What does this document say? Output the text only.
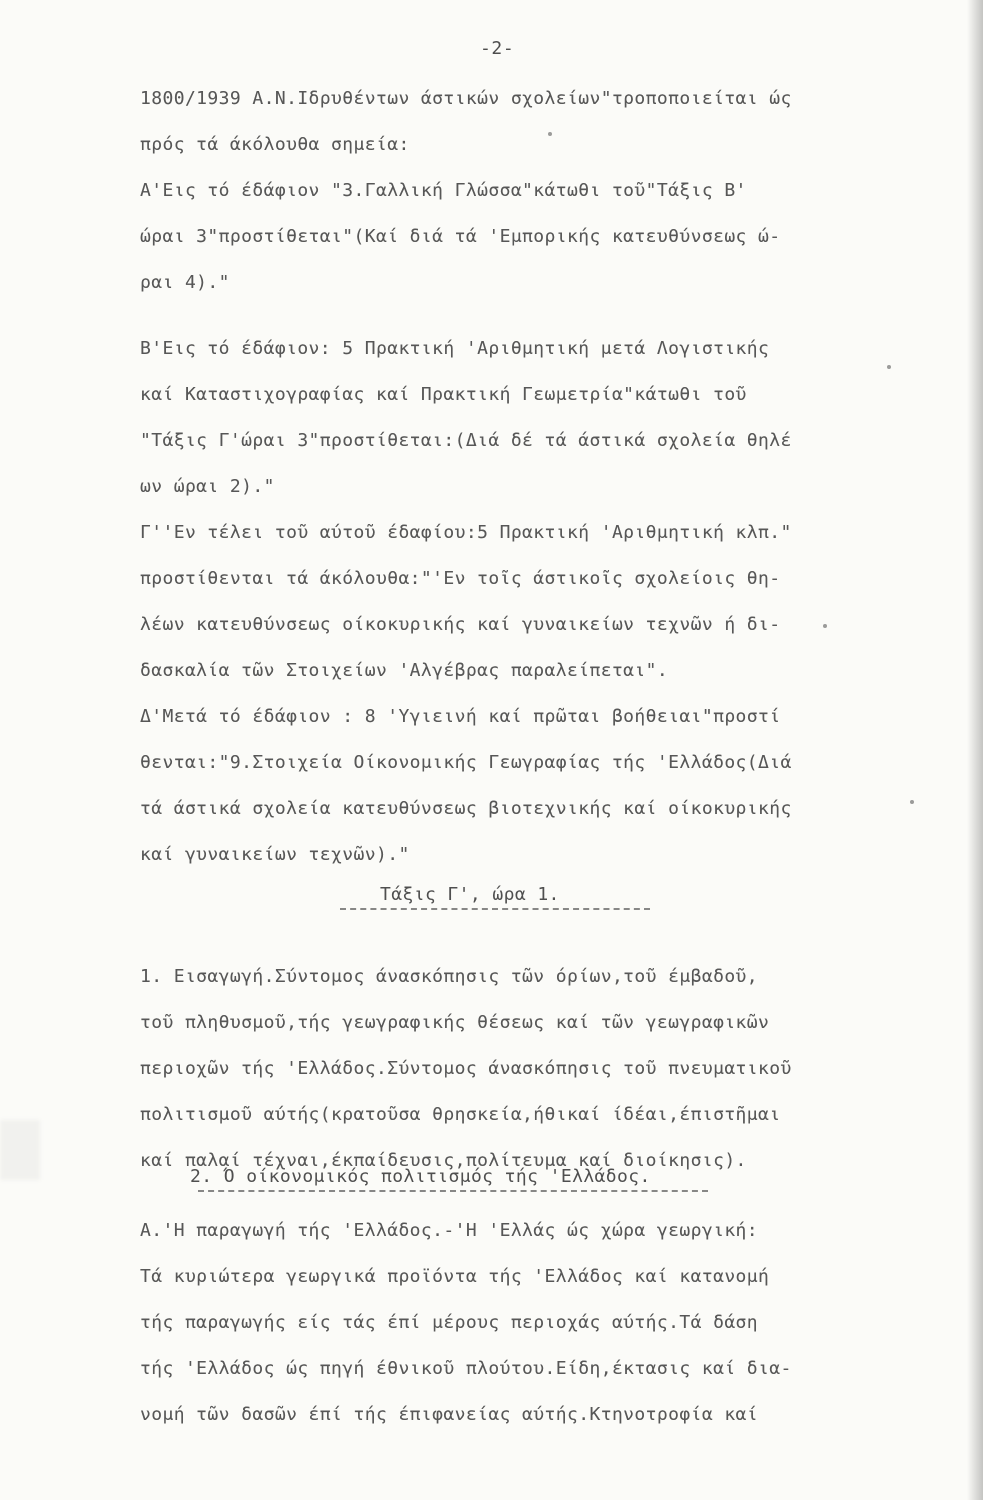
-2-
1800/1939 A.N.Ιδρυθέντων άστικών σχολείων"τροποποιείται ώς
πρός τά άκόλουθα σημεία:
Α'Εις τό έδάφιον "3.Γαλλική Γλώσσα"κάτωθι τοῦ"Τάξις Β'
ώραι 3"προστίθεται"(Καί διά τά 'Εμπορικής κατευθύνσεως ώ-
ραι 4)."
Β'Εις τό έδάφιον: 5 Πρακτική 'Αριθμητική μετά Λογιστικής
καί Καταστιχογραφίας καί Πρακτική Γεωμετρία"κάτωθι τοῦ
"Τάξις Γ'ώραι 3"προστίθεται:(Διά δέ τά άστικά σχολεία θηλέ
ων ώραι 2)."
Γ''Εν τέλει τοῦ αύτοῦ έδαφίου:5 Πρακτική 'Αριθμητική κλπ."
προστίθενται τά άκόλουθα:"'Εν τοῖς άστικοῖς σχολείοις θη-
λέων κατευθύνσεως οίκοκυρικής καί γυναικείων τεχνῶν ή δι-
δασκαλία τῶν Στοιχείων 'Αλγέβρας παραλείπεται".
Δ'Μετά τό έδάφιον : 8 'Υγιεινή καί πρῶται βοήθειαι"προστί
θενται:"9.Στοιχεία Οίκονομικής Γεωγραφίας τής 'Ελλάδος(Διά
τά άστικά σχολεία κατευθύνσεως βιοτεχνικής καί οίκοκυρικής
καί γυναικείων τεχνῶν)."
Τάξις Γ', ώρα 1.
1. Εισαγωγή.Σύντομος άνασκόπησις τῶν όρίων,τοῦ έμβαδοῦ,
τοῦ πληθυσμοῦ,τής γεωγραφικής θέσεως καί τῶν γεωγραφικῶν
περιοχῶν τής 'Ελλάδος.Σύντομος άνασκόπησις τοῦ πνευματικοῦ
πολιτισμοῦ αύτής(κρατοῦσα θρησκεία,ήθικαί ίδέαι,έπιστῆμαι
καί παλαί τέχναι,έκπαίδευσις,πολίτευμα καί διοίκησις).
2. Ό οίκονομικός πολιτισμός τής 'Ελλάδος.
Α.'Η παραγωγή τής 'Ελλάδος.-'Η 'Ελλάς ώς χώρα γεωργική:
Τά κυριώτερα γεωργικά προϊόντα τής 'Ελλάδος καί κατανομή
τής παραγωγής είς τάς έπί μέρους περιοχάς αύτής.Τά δάση
τής 'Ελλάδος ώς πηγή έθνικοῦ πλούτου.Είδη,έκτασις καί δια-
νομή τῶν δασῶν έπί τής έπιφανείας αύτής.Κτηνοτροφία καί
